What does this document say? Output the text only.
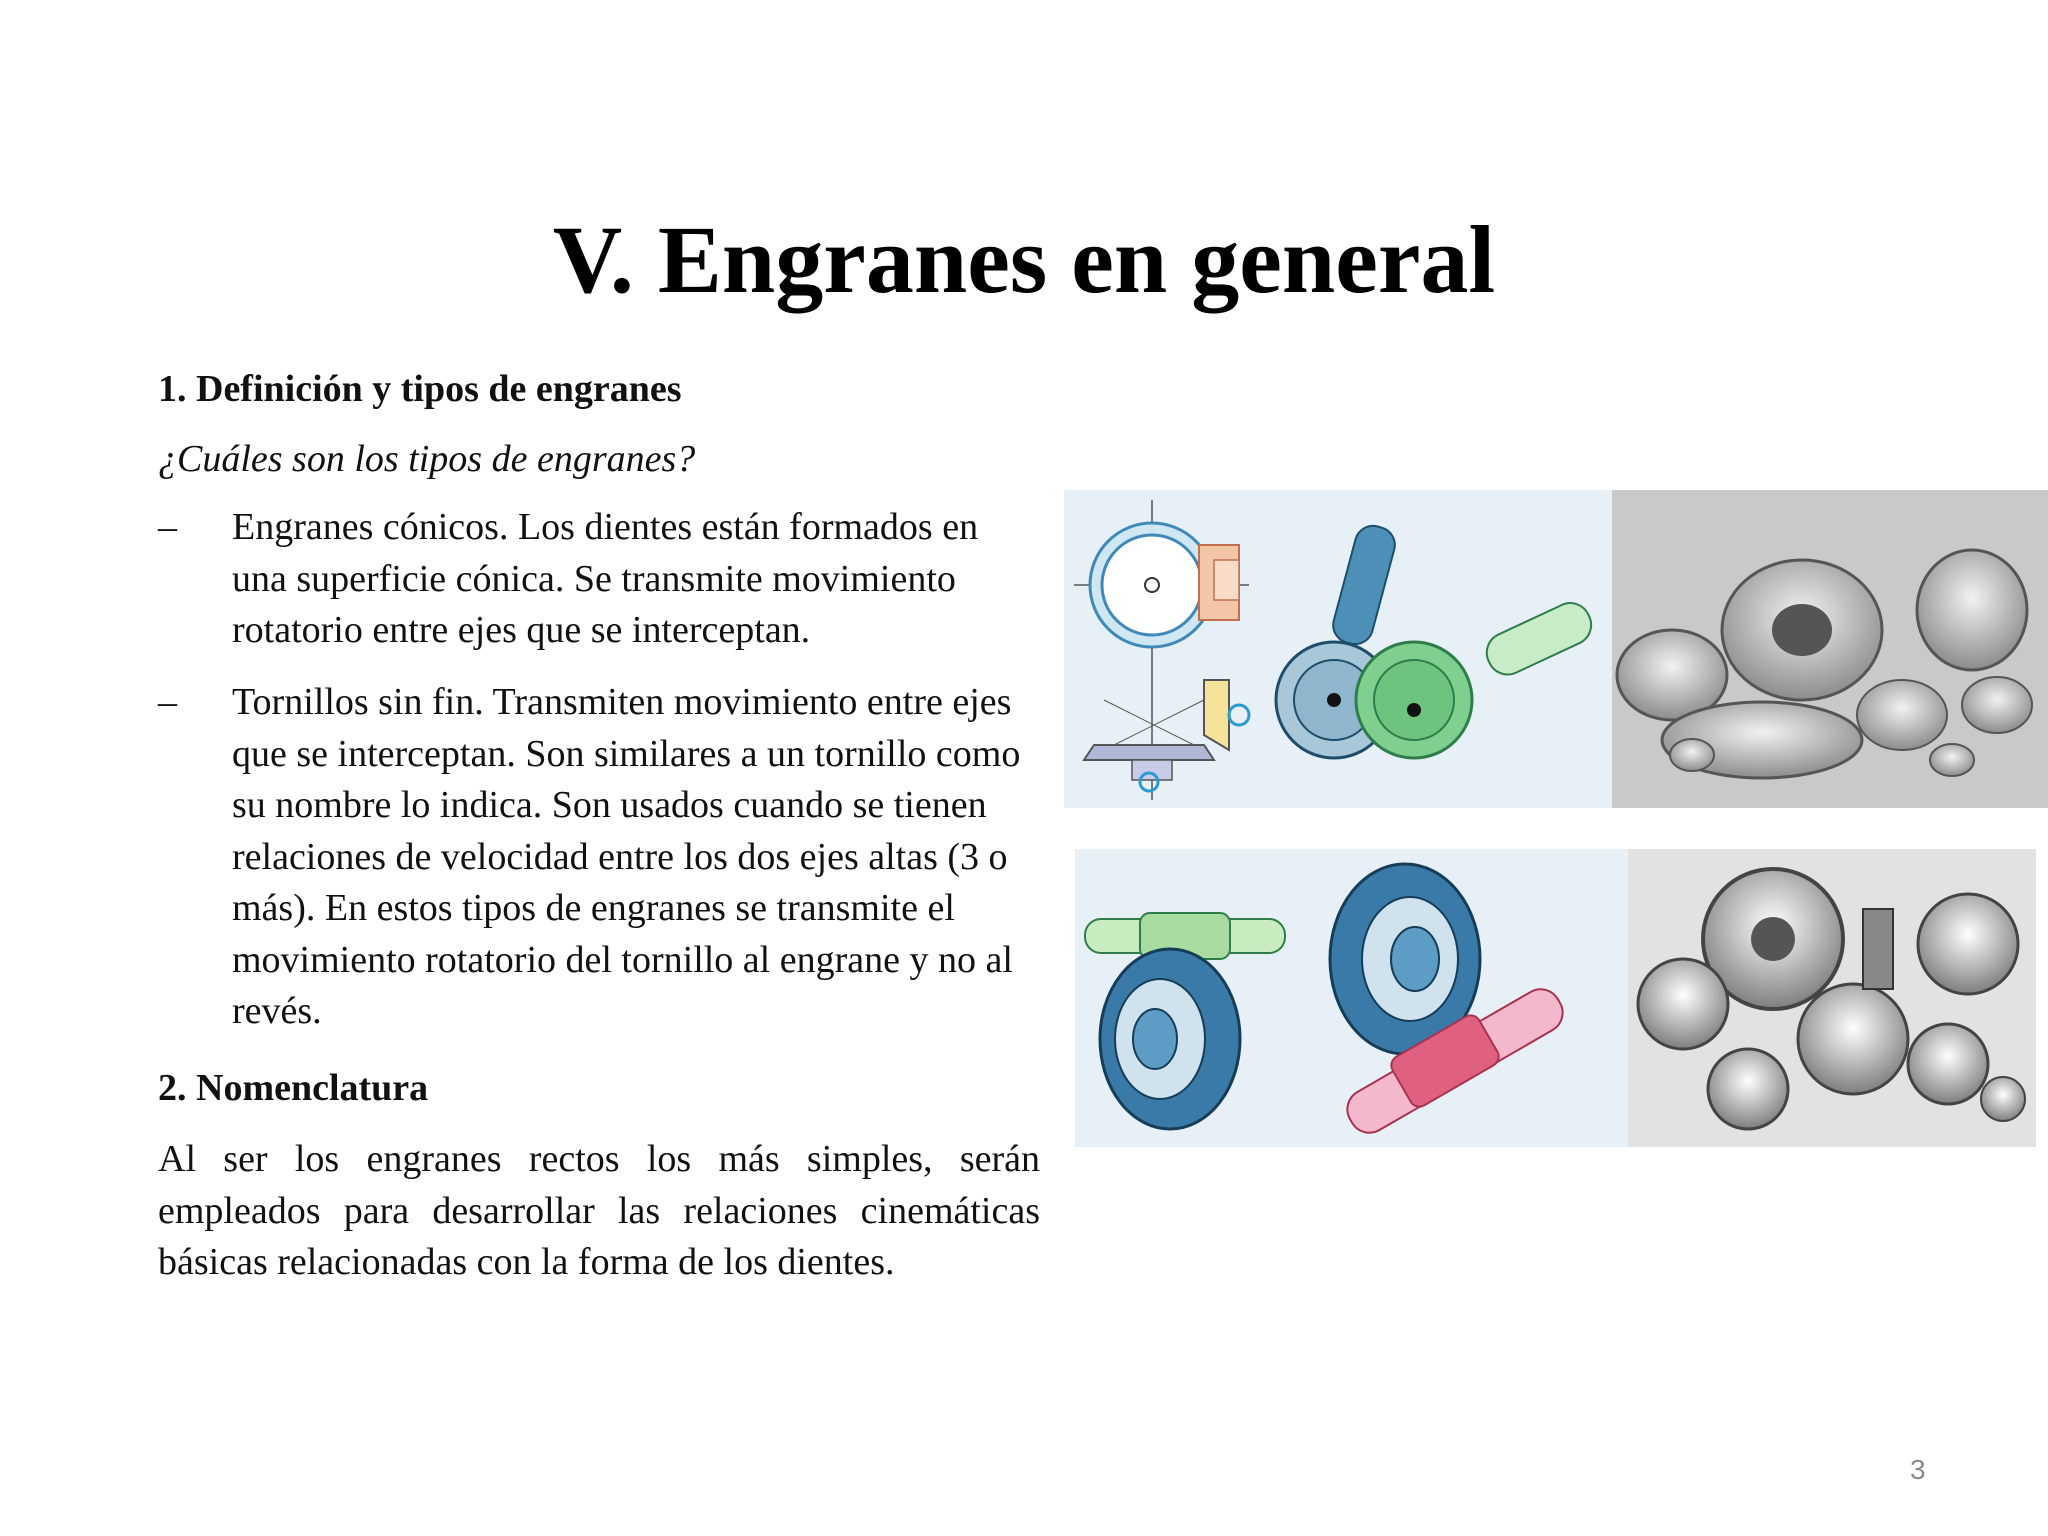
V. Engranes en general

1. Definición y tipos de engranes

¿Cuáles son los tipos de engranes?

–	Engranes cónicos. Los dientes están formados en una superficie cónica. Se transmite movimiento rotatorio entre ejes que se interceptan.
–	Tornillos sin fin. Transmiten movimiento entre ejes que se interceptan. Son similares a un tornillo como su nombre lo indica. Son usados cuando se tienen relaciones de velocidad entre los dos ejes altas (3 o más). En estos tipos de engranes se transmite el movimiento rotatorio del tornillo al engrane y no al revés.

2. Nomenclatura

Al ser los engranes rectos los más simples, serán empleados para desarrollar las relaciones cinemáticas básicas relacionadas con la forma de los dientes.

3
